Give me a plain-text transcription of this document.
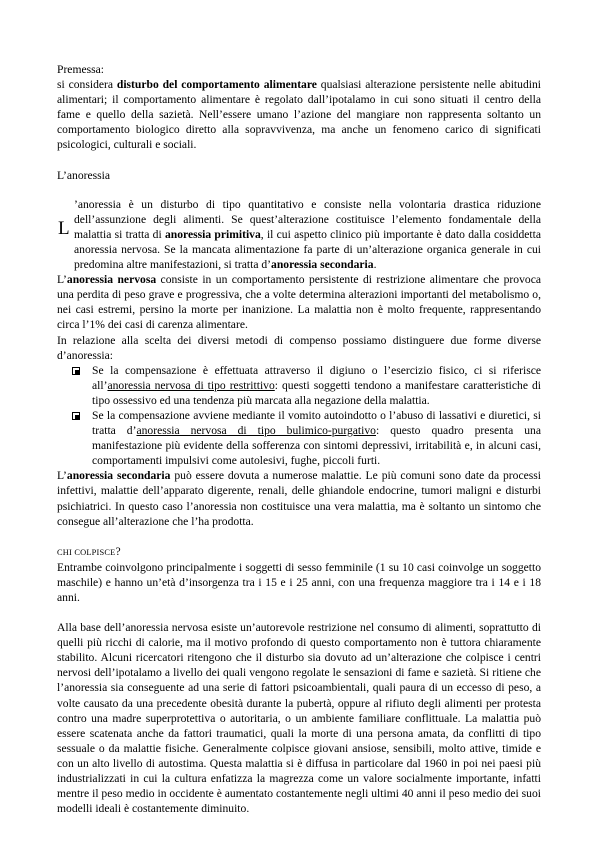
Premessa:

si considera disturbo del comportamento alimentare qualsiasi alterazione persistente nelle abitudini alimentari; il comportamento alimentare è regolato dall’ipotalamo in cui sono situati il centro della fame e quello della sazietà. Nell’essere umano l’azione del mangiare non rappresenta soltanto un comportamento biologico diretto alla sopravvivenza, ma anche un fenomeno carico di significati psicologici, culturali e sociali.

L’anoressia

L
’anoressia è un disturbo di tipo quantitativo e consiste nella volontaria drastica riduzione dell’assunzione degli alimenti. Se quest’alterazione costituisce l’elemento fondamentale della malattia si tratta di anoressia primitiva, il cui aspetto clinico più importante è dato dalla cosiddetta anoressia nervosa. Se la mancata alimentazione fa parte di un’alterazione organica generale in cui predomina altre manifestazioni, si tratta d’anoressia secondaria.

L’anoressia nervosa consiste in un comportamento persistente di restrizione alimentare che provoca una perdita di peso grave e progressiva, che a volte determina alterazioni importanti del metabolismo o, nei casi estremi, persino la morte per inanizione. La malattia non è molto frequente, rappresentando circa l’1% dei casi di carenza alimentare.

In relazione alla scelta dei diversi metodi di compenso possiamo distinguere due forme diverse d’anoressia:

Se la compensazione è effettuata attraverso il digiuno o l’esercizio fisico, ci si riferisce all’anoressia nervosa di tipo restrittivo: questi soggetti tendono a manifestare caratteristiche di tipo ossessivo ed una tendenza più marcata alla negazione della malattia.
Se la compensazione avviene mediante il vomito autoindotto o l’abuso di lassativi e diuretici, si tratta d’anoressia nervosa di tipo bulimico-purgativo: questo quadro presenta una manifestazione più evidente della sofferenza con sintomi depressivi, irritabilità e, in alcuni casi, comportamenti impulsivi come autolesivi, fughe, piccoli furti.

L’anoressia secondaria può essere dovuta a numerose malattie. Le più comuni sono date da processi infettivi, malattie dell’apparato digerente, renali, delle ghiandole endocrine, tumori maligni e disturbi psichiatrici. In questo caso l’anoressia non costituisce una vera malattia, ma è soltanto un sintomo che consegue all’alterazione che l’ha prodotta.

CHI COLPISCE?

Entrambe coinvolgono principalmente i soggetti di sesso femminile (1 su 10 casi coinvolge un soggetto maschile) e hanno un’età d’insorgenza tra i 15 e i 25 anni, con una frequenza maggiore tra i 14 e i 18 anni.

Alla base dell’anoressia nervosa esiste un’autorevole restrizione nel consumo di alimenti, soprattutto di quelli più ricchi di calorie, ma il motivo profondo di questo comportamento non è tuttora chiaramente stabilito. Alcuni ricercatori ritengono che il disturbo sia dovuto ad un’alterazione che colpisce i centri nervosi dell’ipotalamo a livello dei quali vengono regolate le sensazioni di fame e sazietà. Si ritiene che l’anoressia sia conseguente ad una serie di fattori psicoambientali, quali paura di un eccesso di peso, a volte causato da una precedente obesità durante la pubertà, oppure al rifiuto degli alimenti per protesta contro una madre superprotettiva o autoritaria, o un ambiente familiare conflittuale. La malattia può essere scatenata anche da fattori traumatici, quali la morte di una persona amata, da conflitti di tipo sessuale o da malattie fisiche. Generalmente colpisce giovani ansiose, sensibili, molto attive, timide e con un alto livello di autostima. Questa malattia si è diffusa in particolare dal 1960 in poi nei paesi più industrializzati in cui la cultura enfatizza la magrezza come un valore socialmente importante, infatti mentre il peso medio in occidente è aumentato costantemente negli ultimi 40 anni il peso medio dei suoi modelli ideali è costantemente diminuito.
